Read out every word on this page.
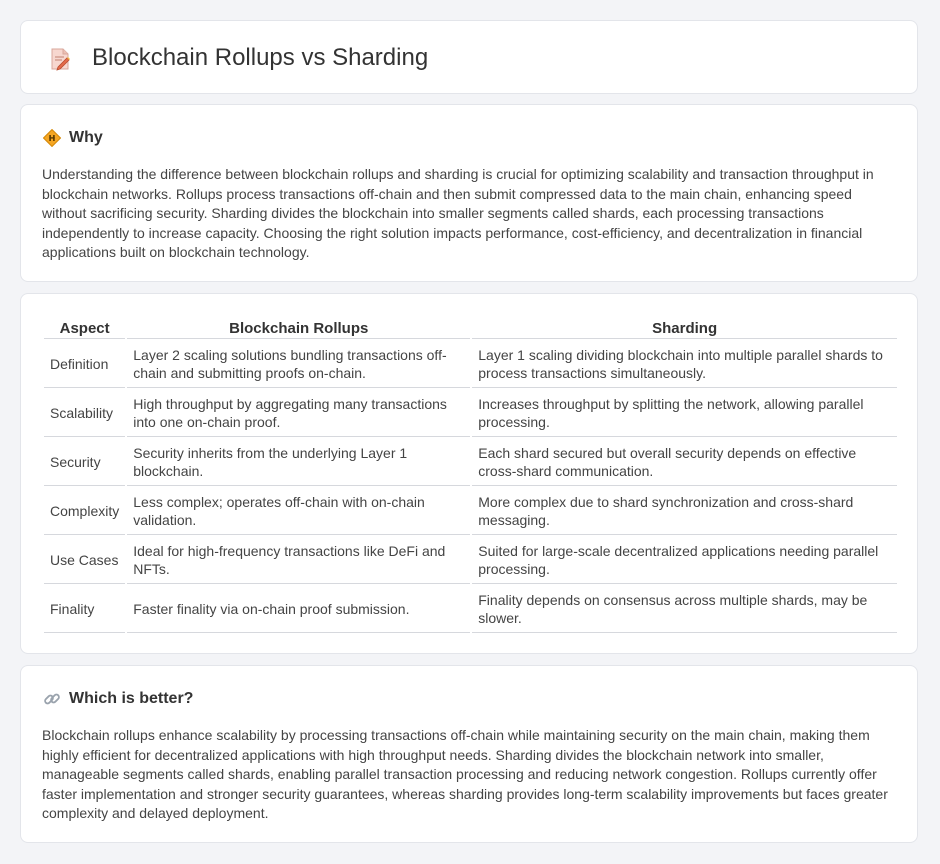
Blockchain Rollups vs Sharding
Why

Understanding the difference between blockchain rollups and sharding is crucial for optimizing scalability and transaction throughput in blockchain networks. Rollups process transactions off-chain and then submit compressed data to the main chain, enhancing speed without sacrificing security. Sharding divides the blockchain into smaller segments called shards, each processing transactions independently to increase capacity. Choosing the right solution impacts performance, cost-efficiency, and decentralization in financial applications built on blockchain technology.

Aspect	Blockchain Rollups	Sharding
Definition	Layer 2 scaling solutions bundling transactions off-chain and submitting proofs on-chain.	Layer 1 scaling dividing blockchain into multiple parallel shards to process transactions simultaneously.
Scalability	High throughput by aggregating many transactions into one on-chain proof.	Increases throughput by splitting the network, allowing parallel processing.
Security	Security inherits from the underlying Layer 1 blockchain.	Each shard secured but overall security depends on effective cross-shard communication.
Complexity	Less complex; operates off-chain with on-chain validation.	More complex due to shard synchronization and cross-shard messaging.
Use Cases	Ideal for high-frequency transactions like DeFi and NFTs.	Suited for large-scale decentralized applications needing parallel processing.
Finality	Faster finality via on-chain proof submission.	Finality depends on consensus across multiple shards, may be slower.
Which is better?

Blockchain rollups enhance scalability by processing transactions off-chain while maintaining security on the main chain, making them highly efficient for decentralized applications with high throughput needs. Sharding divides the blockchain network into smaller, manageable segments called shards, enabling parallel transaction processing and reducing network congestion. Rollups currently offer faster implementation and stronger security guarantees, whereas sharding provides long-term scalability improvements but faces greater complexity and delayed deployment.
